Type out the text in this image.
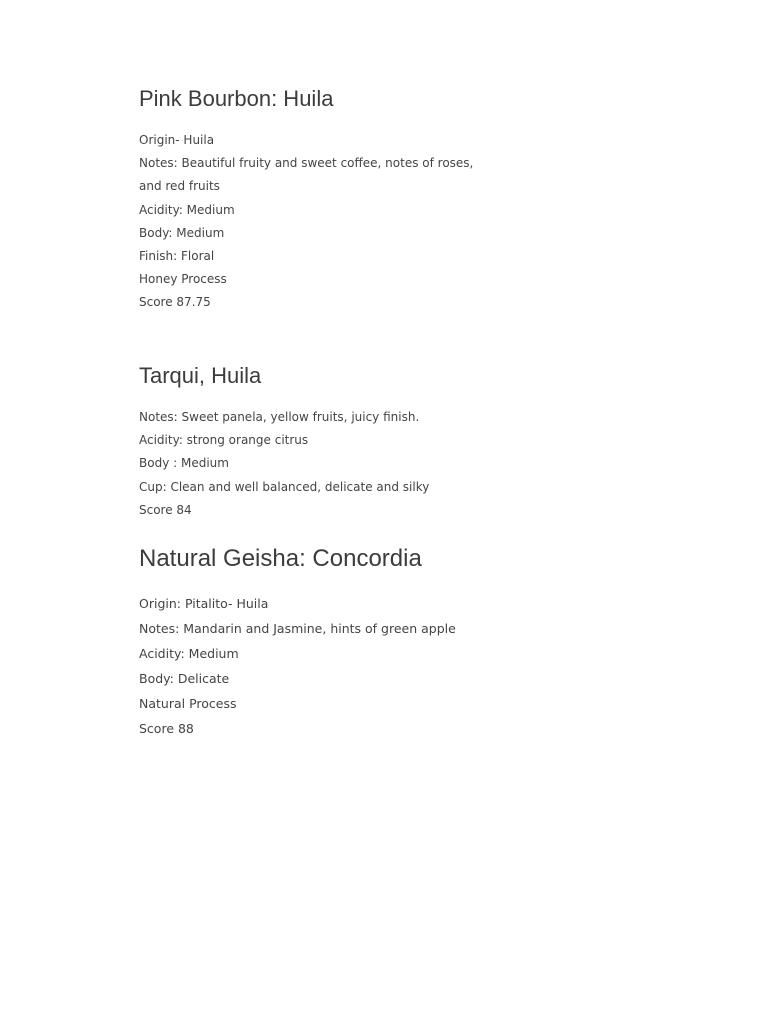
Pink Bourbon: Huila
Origin- Huila
Notes: Beautiful fruity and sweet coffee, notes of roses,
and red fruits
Acidity: Medium
Body: Medium
Finish: Floral
Honey Process
Score 87.75
Tarqui, Huila
Notes: Sweet panela, yellow fruits, juicy finish.
Acidity: strong orange citrus
Body : Medium
Cup: Clean and well balanced, delicate and silky
Score 84
Natural Geisha: Concordia
Origin: Pitalito- Huila
Notes: Mandarin and Jasmine, hints of green apple
Acidity: Medium
Body: Delicate
Natural Process
Score 88
